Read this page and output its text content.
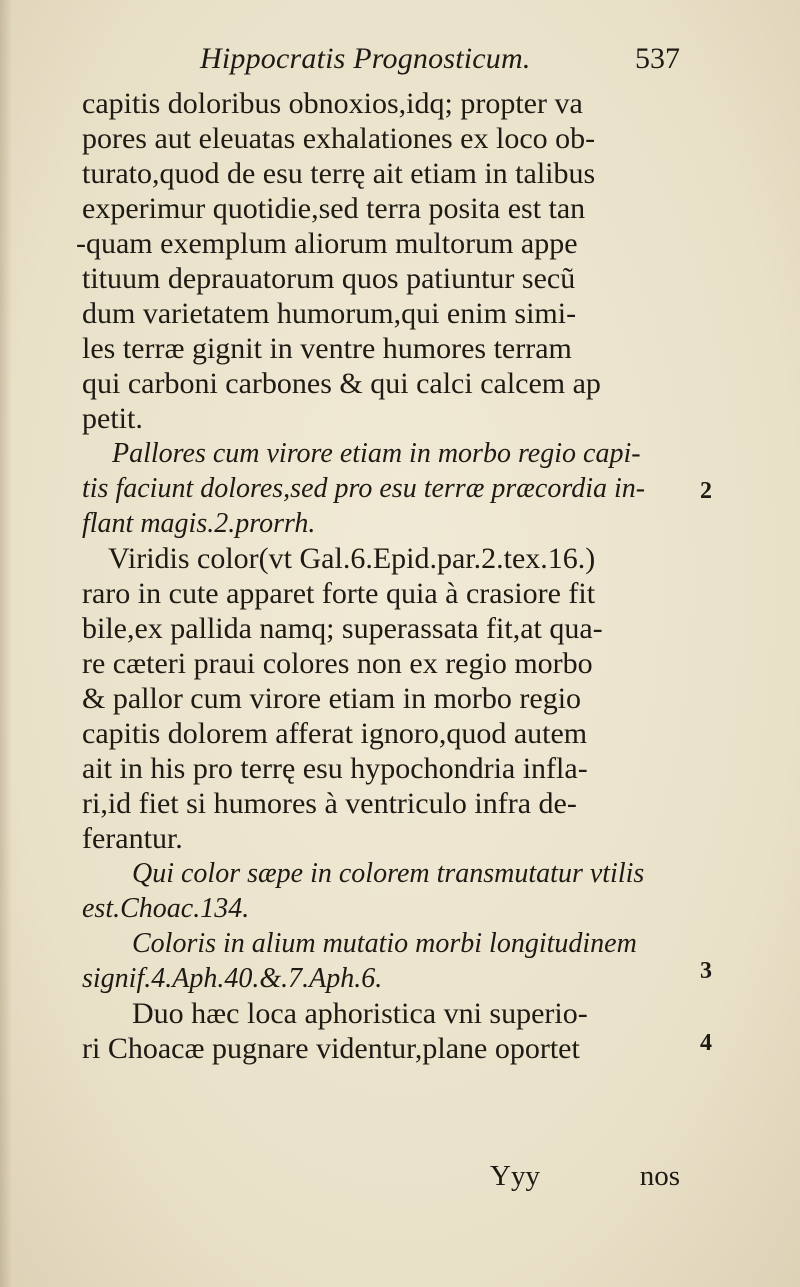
Hippocratis Prognosticum.	537
capitis doloribus obnoxios,idq; propter va
pores aut eleuatas exhalationes ex loco ob-
turato,quod de esu terrę ait etiam in talibus
experimur quotidie,sed terra posita est tan
-quam exemplum aliorum multorum appe
tituum deprauatorum quos patiuntur secũ
dum varietatem humorum,qui enim simi-
les terræ gignit in ventre humores terram
qui carboni carbones & qui calci calcem ap
petit.
Pallores cum virore etiam in morbo regio capi-
tis faciunt dolores,sed pro esu terræ præcordia in-
flant magis.2.prorrh.
Viridis color(vt Gal.6.Epid.par.2.tex.16.)
raro in cute apparet forte quia à crasiore fit
bile,ex pallida namq; superassata fit,at qua-
re cæteri praui colores non ex regio morbo
& pallor cum virore etiam in morbo regio
capitis dolorem afferat ignoro,quod autem
ait in his pro terrę esu hypochondria infla-
ri,id fiet si humores à ventriculo infra de-
ferantur.
Qui color sæpe in colorem transmutatur vtilis
est.Choac.134.
Coloris in alium mutatio morbi longitudinem
signif.4.Aph.40.&.7.Aph.6.
Duo hæc loca aphoristica vni superio-
ri Choacæ pugnare videntur,plane oportet
2
3
4
Yyy	nos
